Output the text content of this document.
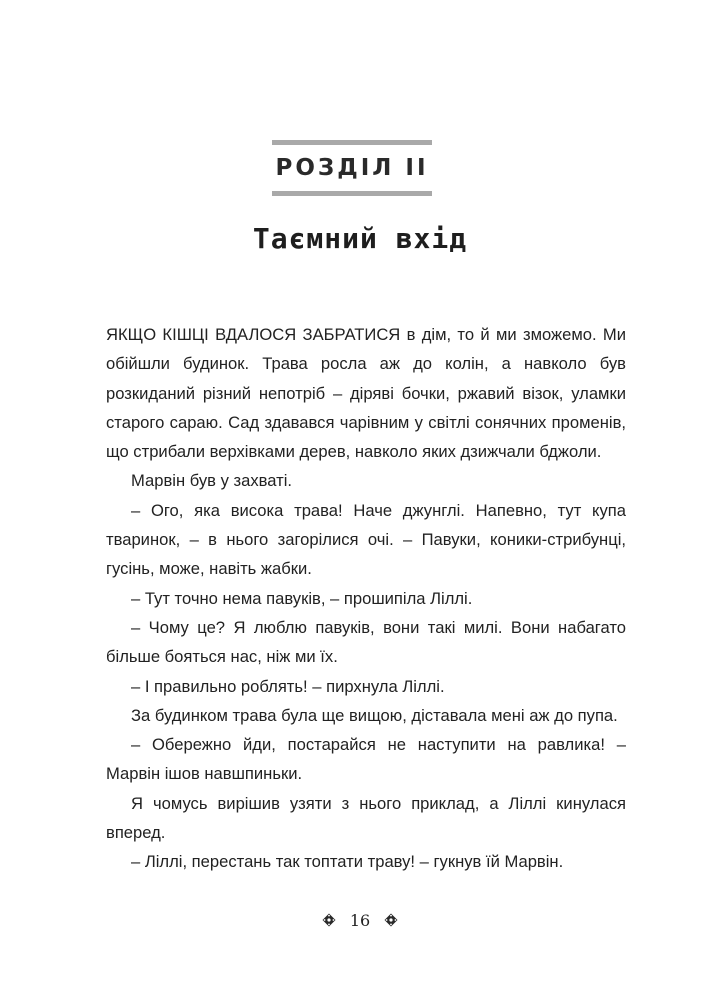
РОЗДІЛ ІІ
Таємний вхід

ЯКЩО КІШЦІ ВДАЛОСЯ ЗАБРАТИСЯ в дім, то й ми зможемо. Ми обійшли будинок. Трава росла аж до колін, а навколо був розкиданий різний непотріб – діряві бочки, ржавий візок, уламки старого сараю. Сад здавався чарівним у світлі сонячних променів, що стрибали верхівками дерев, навколо яких дзижчали бджоли.

Марвін був у захваті.

– Ого, яка висока трава! Наче джунглі. Напевно, тут купа тваринок, – в нього загорілися очі. – Павуки, коники-стрибунці, гусінь, може, навіть жабки.

– Тут точно нема павуків, – прошипіла Ліллі.

– Чому це? Я люблю павуків, вони такі милі. Вони набагато більше бояться нас, ніж ми їх.

– І правильно роблять! – пирхнула Ліллі.

За будинком трава була ще вищою, діставала мені аж до пупа.

– Обережно йди, постарайся не наступити на равлика! – Марвін ішов навшпиньки.

Я чомусь вирішив узяти з нього приклад, а Ліллі кинулася вперед.

– Ліллі, перестань так топтати траву! – гукнув їй Марвін.

16
